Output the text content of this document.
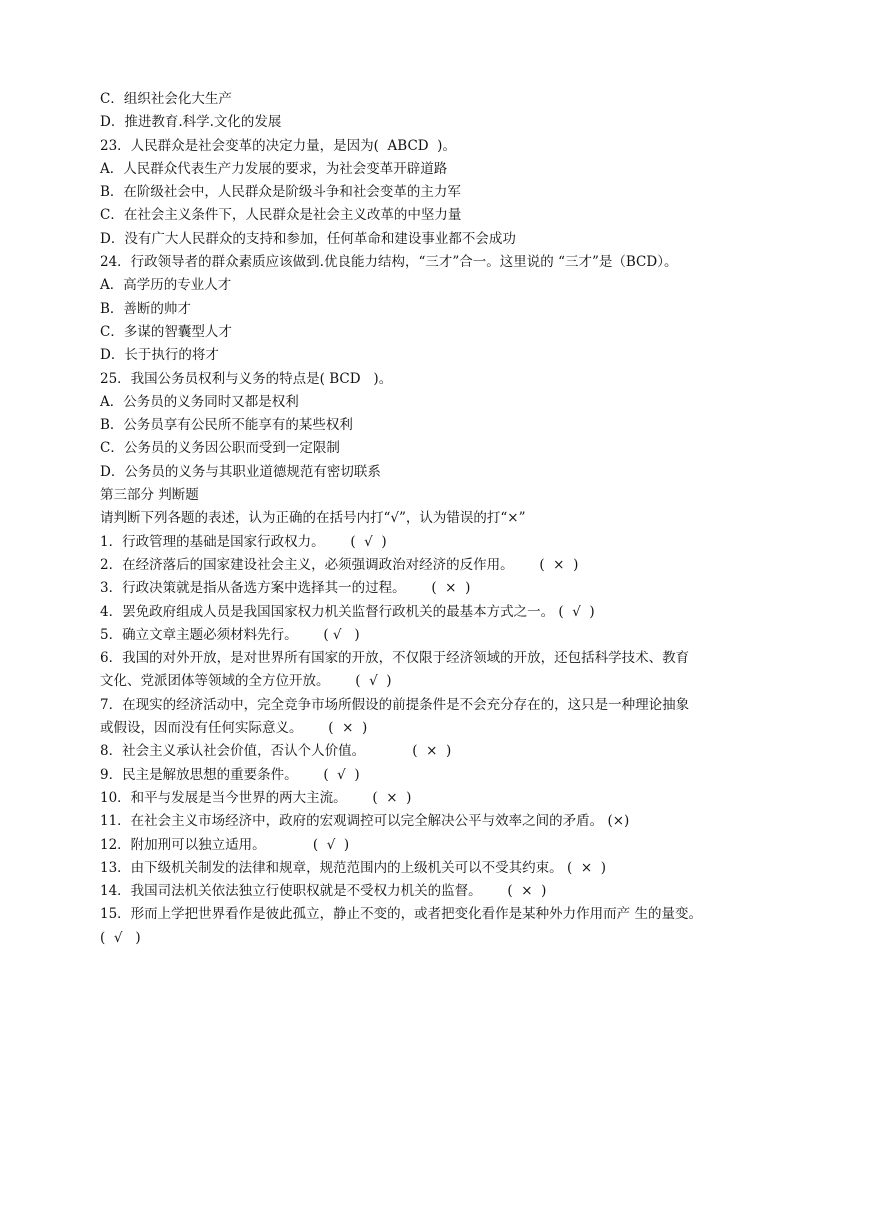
C．组织社会化大生产

D．推进教育.科学.文化的发展

23．人民群众是社会变革的决定力量，是因为(  ABCD  )。

A．人民群众代表生产力发展的要求，为社会变革开辟道路

B．在阶级社会中，人民群众是阶级斗争和社会变革的主力军

C．在社会主义条件下，人民群众是社会主义改革的中坚力量

D．没有广大人民群众的支持和参加，任何革命和建设事业都不会成功

24．行政领导者的群众素质应该做到.优良能力结构，“三才”合一。这里说的 “三才”是（BCD）。

A．高学历的专业人才

B．善断的帅才

C．多谋的智囊型人才

D．长于执行的将才

25．我国公务员权利与义务的特点是( BCD   )。

A．公务员的义务同时又都是权利

B．公务员享有公民所不能享有的某些权利

C．公务员的义务因公职而受到一定限制

D．公务员的义务与其职业道德规范有密切联系

第三部分 判断题

请判断下列各题的表述，认为正确的在括号内打“√”，认为错误的打“×”

1．行政管理的基础是国家行政权力。      (  √  )

2．在经济落后的国家建设社会主义，必须强调政治对经济的反作用。      (  ×  )

3．行政决策就是指从备选方案中选择其一的过程。      (  ×  )

4．罢免政府组成人员是我国国家权力机关监督行政机关的最基本方式之一。 (  √  )

5．确立文章主题必须材料先行。      ( √   )

6．我国的对外开放，是对世界所有国家的开放，不仅限于经济领域的开放，还包括科学技术、教育

文化、党派团体等领域的全方位开放。      (  √  )

7．在现实的经济活动中，完全竞争市场所假设的前提条件是不会充分存在的，这只是一种理论抽象

或假设，因而没有任何实际意义。      (  ×  )

8．社会主义承认社会价值，否认个人价值。           (  ×  )

9．民主是解放思想的重要条件。      (  √  )

10．和平与发展是当今世界的两大主流。      (  ×  )

11．在社会主义市场经济中，政府的宏观调控可以完全解决公平与效率之间的矛盾。 (×)

12．附加刑可以独立适用。           (  √  )

13．由下级机关制发的法律和规章，规范范围内的上级机关可以不受其约束。 (  ×  )

14．我国司法机关依法独立行使职权就是不受权力机关的监督。      (  ×  )

15．形而上学把世界看作是彼此孤立，静止不变的，或者把变化看作是某种外力作用而产 生的量变。

(  √   )
